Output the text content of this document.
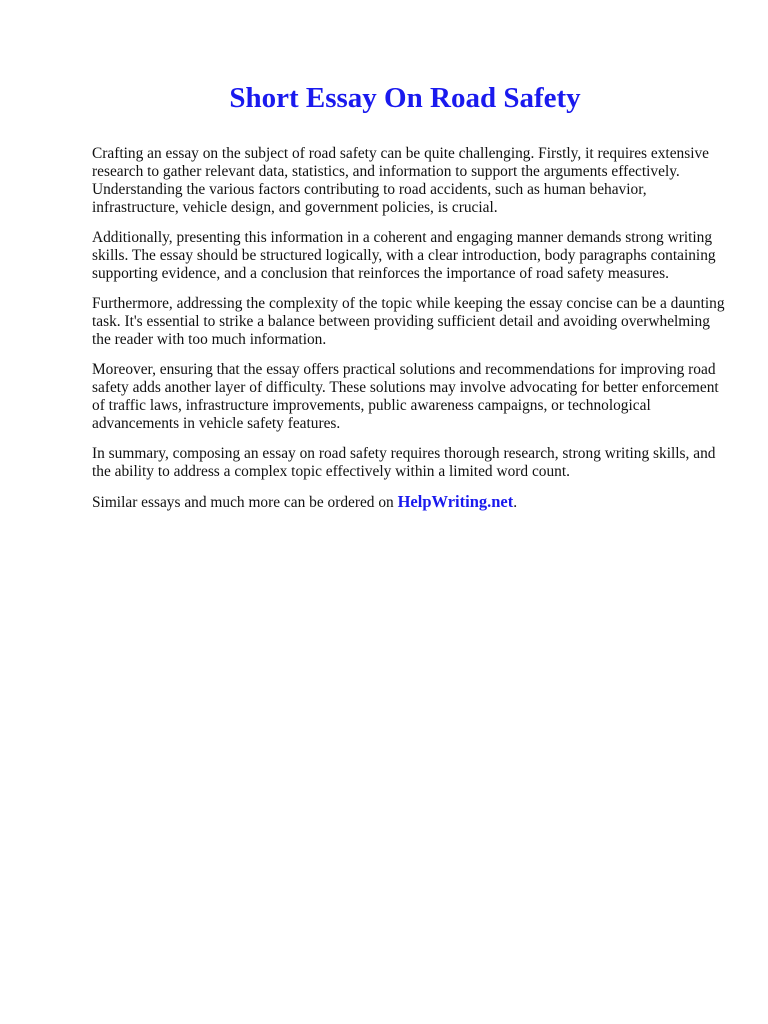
Short Essay On Road Safety

Crafting an essay on the subject of road safety can be quite challenging. Firstly, it requires extensive research to gather relevant data, statistics, and information to support the arguments effectively. Understanding the various factors contributing to road accidents, such as human behavior, infrastructure, vehicle design, and government policies, is crucial.

Additionally, presenting this information in a coherent and engaging manner demands strong writing skills. The essay should be structured logically, with a clear introduction, body paragraphs containing supporting evidence, and a conclusion that reinforces the importance of road safety measures.

Furthermore, addressing the complexity of the topic while keeping the essay concise can be a daunting task. It's essential to strike a balance between providing sufficient detail and avoiding overwhelming the reader with too much information.

Moreover, ensuring that the essay offers practical solutions and recommendations for improving road safety adds another layer of difficulty. These solutions may involve advocating for better enforcement of traffic laws, infrastructure improvements, public awareness campaigns, or technological advancements in vehicle safety features.

In summary, composing an essay on road safety requires thorough research, strong writing skills, and the ability to address a complex topic effectively within a limited word count.

Similar essays and much more can be ordered on HelpWriting.net.
